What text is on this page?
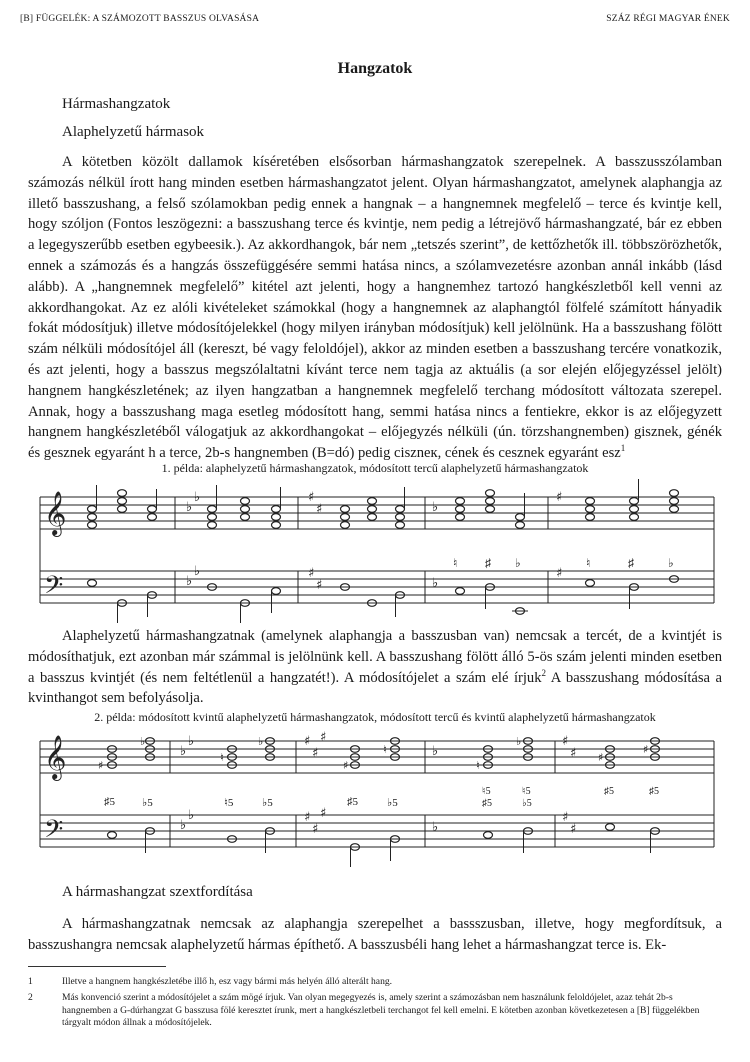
[B] FÜGGELÉK: A SZÁMOZOTT BASSZUS OLVASÁSA	SZÁZ RÉGI MAGYAR ÉNEK
Hangzatok
Hármashangzatok
Alaphelyzetű hármasok

A kötetben közölt dallamok kíséretében elsősorban hármashangzatok szerepelnek. A basszusszólamban számozás nélkül írott hang minden esetben hármashangzatot jelent. Olyan hármashangzatot, amelynek alaphangja az illető basszushang, a felső szólamokban pedig ennek a hangnak – a hangnemnek megfelelő – terce és kvintje kell, hogy szóljon (Fontos leszögezni: a basszushang terce és kvintje, nem pedig a létrejövő hármashangzaté, bár ez ebben a legegyszerűbb esetben egybeesik.). Az akkordhangok, bár nem „tetszés szerint”, de kettőzhetők ill. többszörözhetők, ennek a számozás és a hangzás összefüggésére semmi hatása nincs, a szólamvezetésre azonban annál inkább (lásd alább). A „hangnemnek megfelelő” kitétel azt jelenti, hogy a hangnemhez tartozó hangkészletből kell venni az akkordhangokat. Az ez alóli kivételeket számokkal (hogy a hangnemnek az alaphangtól fölfelé számított hányadik fokát módosítjuk) illetve módosítójelekkel (hogy milyen irányban módosítjuk) kell jelölnünk. Ha a basszushang fölött szám nélküli módosítójel áll (kereszt, bé vagy feloldójel), akkor az minden esetben a basszushang tercére vonatkozik, és azt jelenti, hogy a basszus megszólaltatni kívánt terce nem tagja az aktuális (a sor elején előjegyzéssel jelölt) hangnem hangkészletének; az ilyen hangzatban a hangnemnek megfelelő terchang módosított változata szerepel. Annak, hogy a basszushang maga esetleg módosított hang, semmi hatása nincs a fentiekre, ekkor is az előjegyzett hangnem hangkészletéből válogatjuk az akkordhangokat – előjegyzés nélküli (ún. törzshangnemben) gisznek, génék és gesznek egyaránt h a terce, 2b-s hangnemben (B=dó) pedig ciszneк, cének és cesznek egyaránt esz$^1$

1. példa: alaphelyzetű hármashangzatok, módosított tercű alaphelyzetű hármashangzatok
𝄞
𝄢
♭
♭
♭
♭
♯
♯
♯
♯
♭
♭
♯
♯
♮ ♯ ♭	♮	♯	♭

Alaphelyzetű hármashangzatnak (amelynek alaphangja a basszusban van) nemcsak a tercét, de a kvintjét is módosíthatjuk, ezt azonban már számmal is jelölnünk kell. A basszushang fölött álló 5-ös szám jelenti minden esetben a basszus kvintjét (és nem feltétlenül a hangzatét!). A módosítójelet a szám elé írjuk$^2$ A basszushang módosítása a kvinthangot sem befolyásolja.

2. példa: módosított kvintű alaphelyzetű hármashangzatok, módosított tercű és kvintű alaphelyzetű hármashangzatok
𝄞
𝄢
♭
♭
♭
♭
♯
♯
♯
♯
♯
♯
♭
♭
♯
♯
♯
♯
♯
♭
♮
♭
♯
♮
♮
♭
♯
♯
♯5 ♭5	♮5	♭5	♯5	♭5
♮5
♯5
♮5
♭5
♯5	♯5
A hármashangzat szextfordítása

A hármashangzatnak nemcsak az alaphangja szerepelhet a bassszusban, illetve, hogy megfordítsuk, a basszushangra nemcsak alaphelyzetű hármas építhető. A basszusbéli hang lehet a hármashangzat terce is. Ek-

1	Illetve a hangnem hangkészletébe illő h, esz vagy bármi más helyén álló alterált hang.
2	Más konvenció szerint a módosítójelet a szám mögé írjuk. Van olyan megegyezés is, amely szerint a számozásban nem használunk feloldójelet, azaz tehát 2b-s hangnemben a G-dúrhangzat G basszusa fölé keresztet írunk, mert a hangkészletbeli terchangot fel kell emelni. E kötetben azonban következetesen a [B] függelékben tárgyalt módon állnak a módosítójelek.
